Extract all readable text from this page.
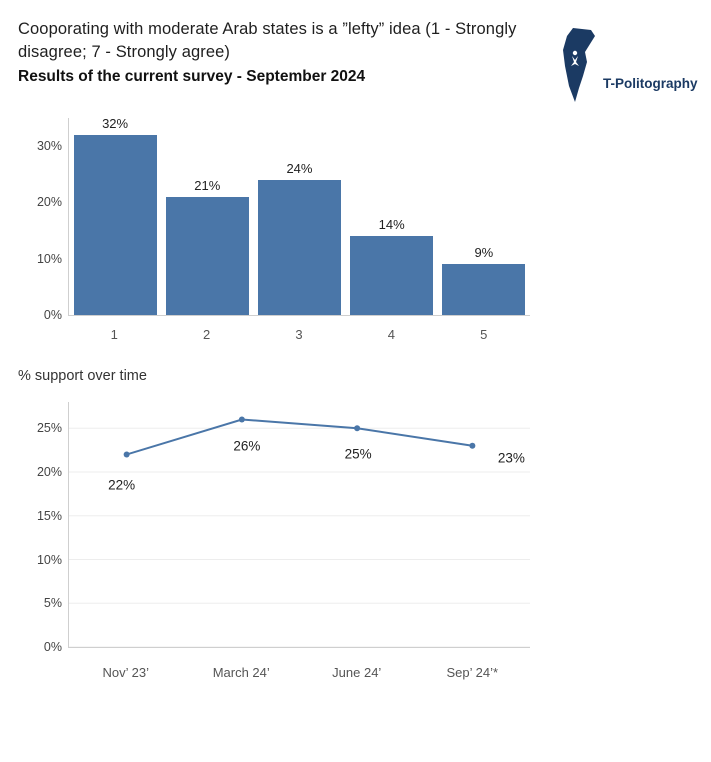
Cooporating with moderate Arab states is a ”lefty” idea (1 - Strongly disagree; 7 - Strongly agree)
Results of the current survey - September 2024	T-Politography
32%
21%
24%
14%
9%
1	2	3	4	5
0%
10%
20%
30%
% support over time
Nov’ 23’	March 24’	June 24’	Sep’ 24’*
0%
5%
10%
15%
20%
25%
22%
26%
25%	23%
